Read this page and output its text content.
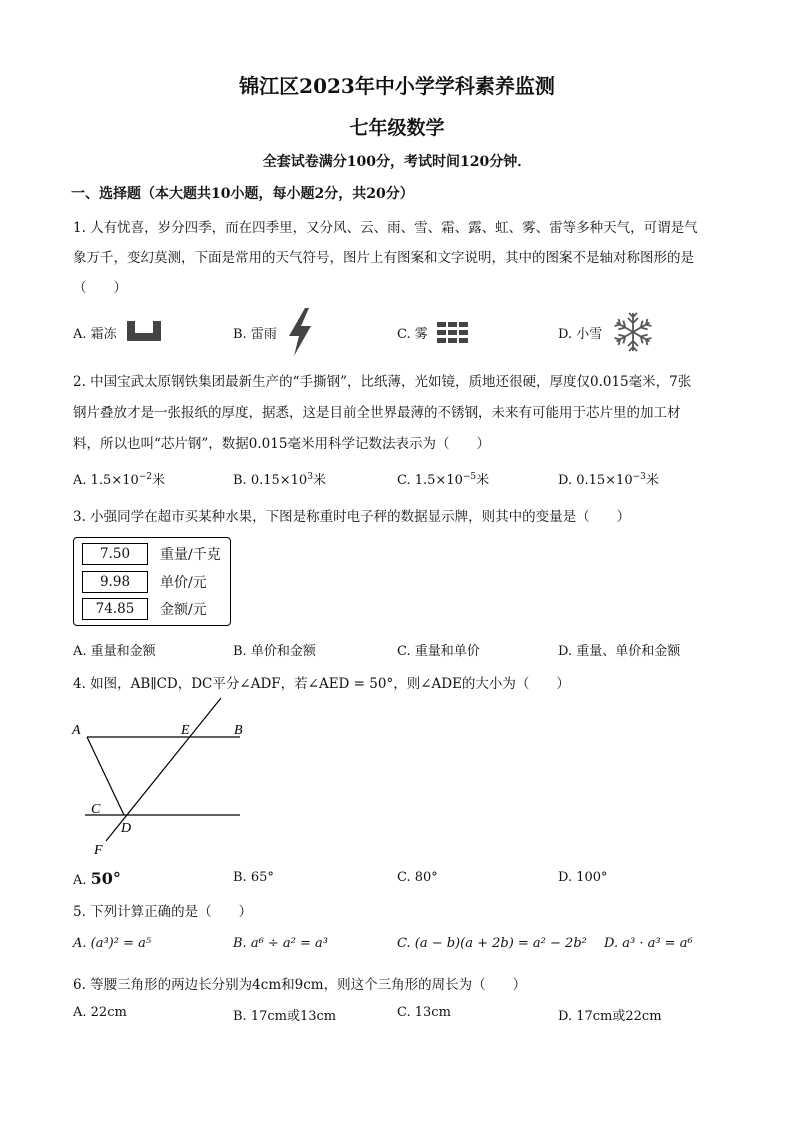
锦江区2023年中小学学科素养监测
七年级数学
全套试卷满分100分，考试时间120分钟．
一、选择题（本大题共10小题，每小题2分，共20分）
1. 人有忧喜，岁分四季，而在四季里，又分风、云、雨、雪、霜、露、虹、雾、雷等多种天气，可谓是气
象万千，变幻莫测，下面是常用的天气符号，图片上有图案和文字说明，其中的图案不是轴对称图形的是
（　　）
A. 霜冻	B. 雷雨	C. 雾	D. 小雪
2. 中国宝武太原钢铁集团最新生产的“手撕钢”，比纸薄，光如镜，质地还很硬，厚度仅0.015毫米，7张
钢片叠放才是一张报纸的厚度，据悉，这是目前全世界最薄的不锈钢，未来有可能用于芯片里的加工材
料，所以也叫“芯片钢”，数据0.015毫米用科学记数法表示为（　　）
A. $1.5\times 10^{-2}$米	B. $0.15\times 10^3$米	C. $1.5\times 10^{-5}$米	D. $0.15\times 10^{-3}$米
3. 小强同学在超市买某种水果，下图是称重时电子秤的数据显示牌，则其中的变量是（　　）
7.50	重量/千克
9.98	单价/元
74.85	金额/元
A. 重量和金额	B. 单价和金额	C. 重量和单价	D. 重量、单价和金额
4. 如图，AB∥CD，DC平分∠ADF，若∠AED = 50°，则∠ADE的大小为（　　）
A	E	B
C
D
F
A. 50°	B. 65°	C. 80°	D. 100°
5. 下列计算正确的是（　　）
A. (a³)² = a⁵	B. a⁶ ÷ a² = a³	C. (a − b)(a + 2b) = a² − 2b² D. a³ · a³ = a⁶
6. 等腰三角形的两边长分别为4cm和9cm，则这个三角形的周长为（　　）
A. 22cm	B. 17cm或13cm	C. 13cm	D. 17cm或22cm
